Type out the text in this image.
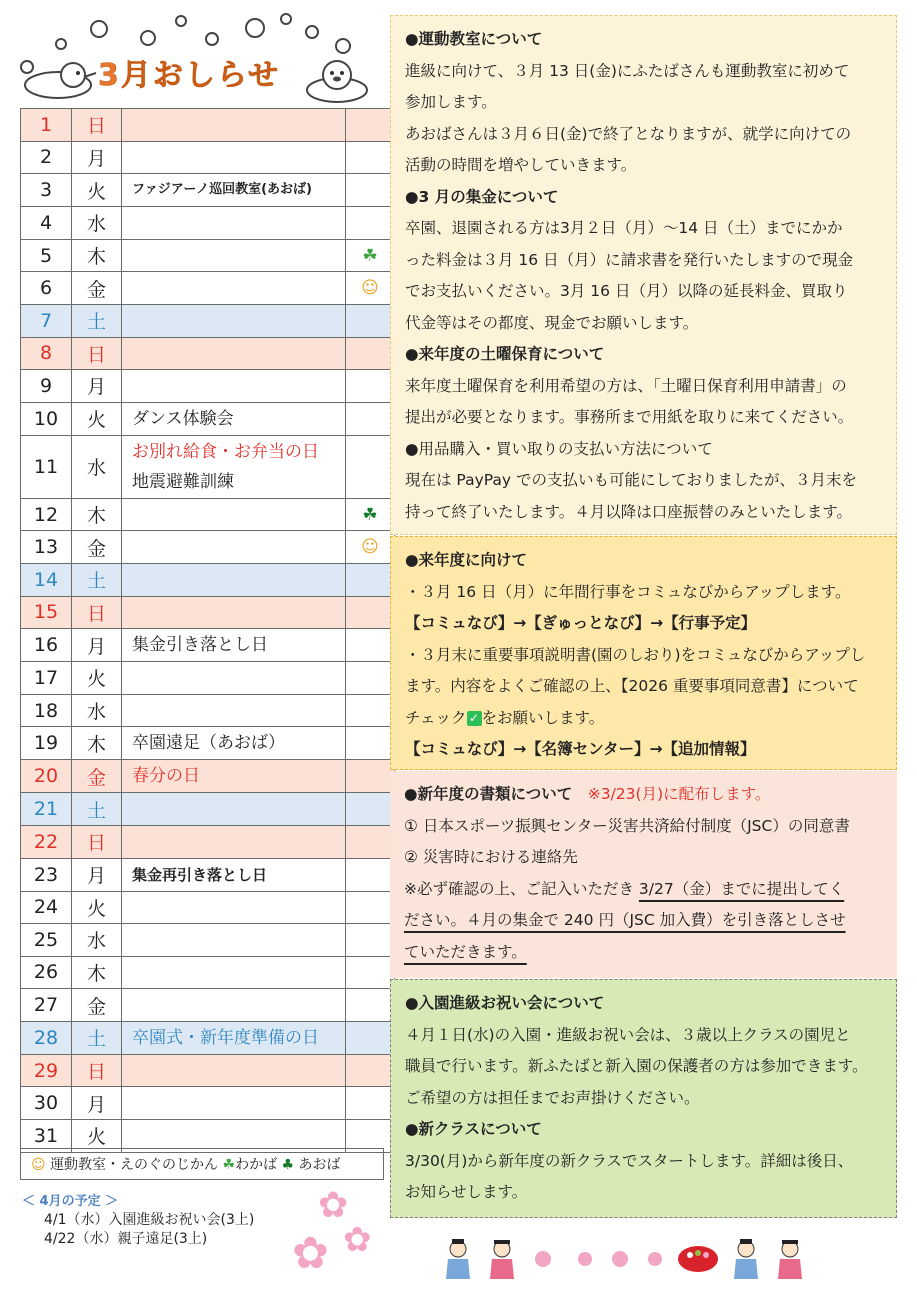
3月おしらせ
1	日		
2	月		
3	火	ファジアーノ巡回教室(あおば)	
4	水		
5	木		☘
6	金		☺
7	土		
8	日		
9	月		
10	火	ダンス体験会	
11	水	お別れ給食・お弁当の日
地震避難訓練	

12	木		☘
13	金		☺
14	土		
15	日		
16	月	集金引き落とし日	
17	火		
18	水		
19	木	卒園遠足（あおば）	
20	金	春分の日	
21	土		
22	日		
23	月	集金再引き落とし日	
24	火		
25	水		
26	木		
27	金		
28	土	卒園式・新年度準備の日	
29	日		
30	月		
31	火		
☺ 運動教室・えのぐのじかん ☘わかば ♣ あおば
＜ 4月の予定 ＞
4/1（水）入園進級お祝い会(3上)
4/22（水）親子遠足(3上)
✿
✿ ✿

●運動教室について

進級に向けて、３月 13 日(金)にふたばさんも運動教室に初めて

参加します。

あおばさんは３月６日(金)で終了となりますが、就学に向けての

活動の時間を増やしていきます。

●3 月の集金について

卒園、退園される方は3月２日（月）～14 日（土）までにかか

った料金は３月 16 日（月）に請求書を発行いたしますので現金

でお支払いください。3月 16 日（月）以降の延長料金、買取り

代金等はその都度、現金でお願いします。

●来年度の土曜保育について

来年度土曜保育を利用希望の方は、「土曜日保育利用申請書」の

提出が必要となります。事務所まで用紙を取りに来てください。

●用品購入・買い取りの支払い方法について

現在は PayPay での支払いも可能にしておりましたが、３月末を

持って終了いたします。４月以降は口座振替のみといたします。

●来年度に向けて

・３月 16 日（月）に年間行事をコミュなびからアップします。

【コミュなび】→【ぎゅっとなび】→【行事予定】

・３月末に重要事項説明書(園のしおり)をコミュなびからアップし

ます。内容をよくご確認の上、【2026 重要事項同意書】について

チェック ✓ をお願いします。

【コミュなび】→【名簿センター】→【追加情報】

●新年度の書類について　 ※3/23(月)に配布します。

① 日本スポーツ振興センター災害共済給付制度（JSC）の同意書

② 災害時における連絡先

※必ず確認の上、ご記入いただき 3/27（金）までに提出してく

ださい。４月の集金で 240 円（JSC 加入費）を引き落としさせ

ていただきます。

●入園進級お祝い会について

４月１日(水)の入園・進級お祝い会は、３歳以上クラスの園児と

職員で行います。新ふたばと新入園の保護者の方は参加できます。

ご希望の方は担任までお声掛けください。

●新クラスについて

3/30(月)から新年度の新クラスでスタートします。詳細は後日、

お知らせします。
